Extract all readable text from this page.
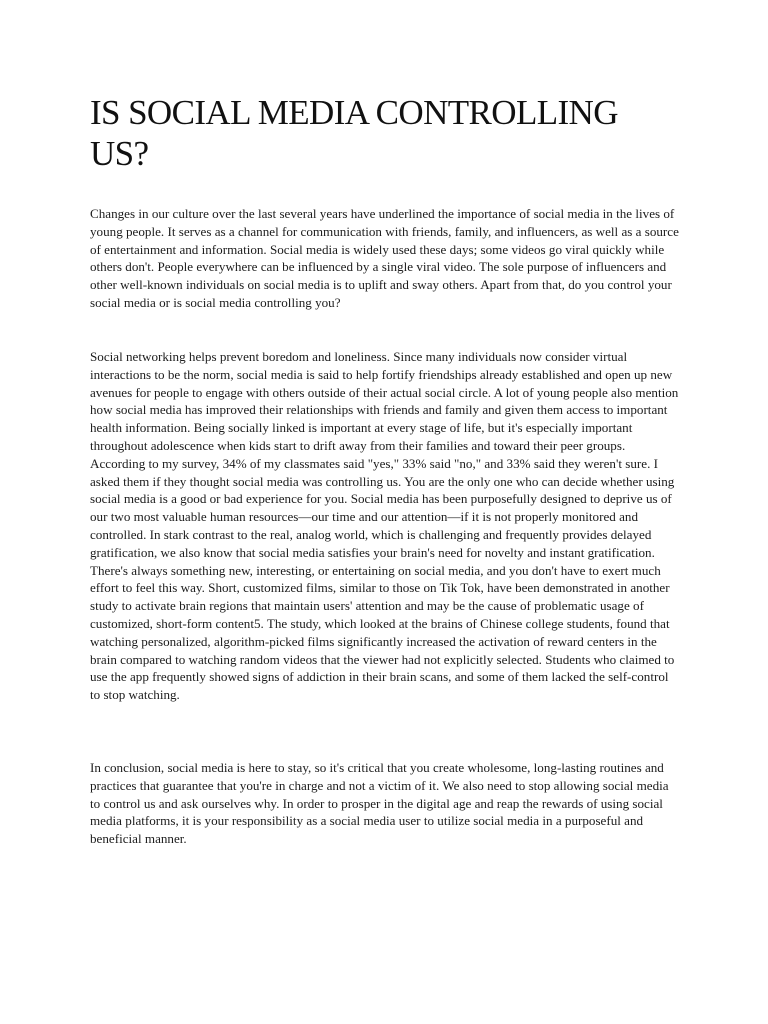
IS SOCIAL MEDIA CONTROLLING US?

Changes in our culture over the last several years have underlined the importance of social media in the lives of young people. It serves as a channel for communication with friends, family, and influencers, as well as a source of entertainment and information. Social media is widely used these days; some videos go viral quickly while others don't. People everywhere can be influenced by a single viral video. The sole purpose of influencers and other well-known individuals on social media is to uplift and sway others. Apart from that, do you control your social media or is social media controlling you?

Social networking helps prevent boredom and loneliness. Since many individuals now consider virtual interactions to be the norm, social media is said to help fortify friendships already established and open up new avenues for people to engage with others outside of their actual social circle. A lot of young people also mention how social media has improved their relationships with friends and family and given them access to important health information. Being socially linked is important at every stage of life, but it's especially important throughout adolescence when kids start to drift away from their families and toward their peer groups. According to my survey, 34% of my classmates said "yes," 33% said "no," and 33% said they weren't sure. I asked them if they thought social media was controlling us. You are the only one who can decide whether using social media is a good or bad experience for you. Social media has been purposefully designed to deprive us of our two most valuable human resources—our time and our attention—if it is not properly monitored and controlled. In stark contrast to the real, analog world, which is challenging and frequently provides delayed gratification, we also know that social media satisfies your brain's need for novelty and instant gratification. There's always something new, interesting, or entertaining on social media, and you don't have to exert much effort to feel this way. Short, customized films, similar to those on Tik Tok, have been demonstrated in another study to activate brain regions that maintain users' attention and may be the cause of problematic usage of customized, short-form content5. The study, which looked at the brains of Chinese college students, found that watching personalized, algorithm-picked films significantly increased the activation of reward centers in the brain compared to watching random videos that the viewer had not explicitly selected. Students who claimed to use the app frequently showed signs of addiction in their brain scans, and some of them lacked the self-control to stop watching.

In conclusion, social media is here to stay, so it's critical that you create wholesome, long-lasting routines and practices that guarantee that you're in charge and not a victim of it. We also need to stop allowing social media to control us and ask ourselves why. In order to prosper in the digital age and reap the rewards of using social media platforms, it is your responsibility as a social media user to utilize social media in a purposeful and beneficial manner.
